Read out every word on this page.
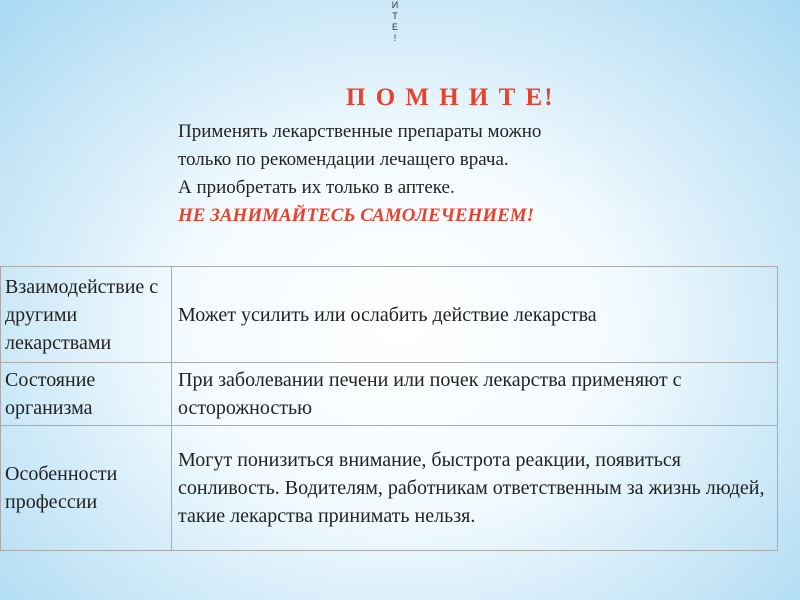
И
Т
Е
!
П О М Н И Т Е!
Применять лекарственные препараты можно
только по рекомендации лечащего врача.
А приобретать их только в аптеке.
НЕ ЗАНИМАЙТЕСЬ САМОЛЕЧЕНИЕМ!
Взаимодействие с другими лекарствами	Может усилить или ослабить действие лекарства
Состояние организма	При заболевании печени или почек лекарства применяют с осторожностью
Особенности профессии	Могут понизиться внимание, быстрота реакции, появиться сонливость. Водителям, работникам ответственным за жизнь людей, такие лекарства принимать нельзя.
